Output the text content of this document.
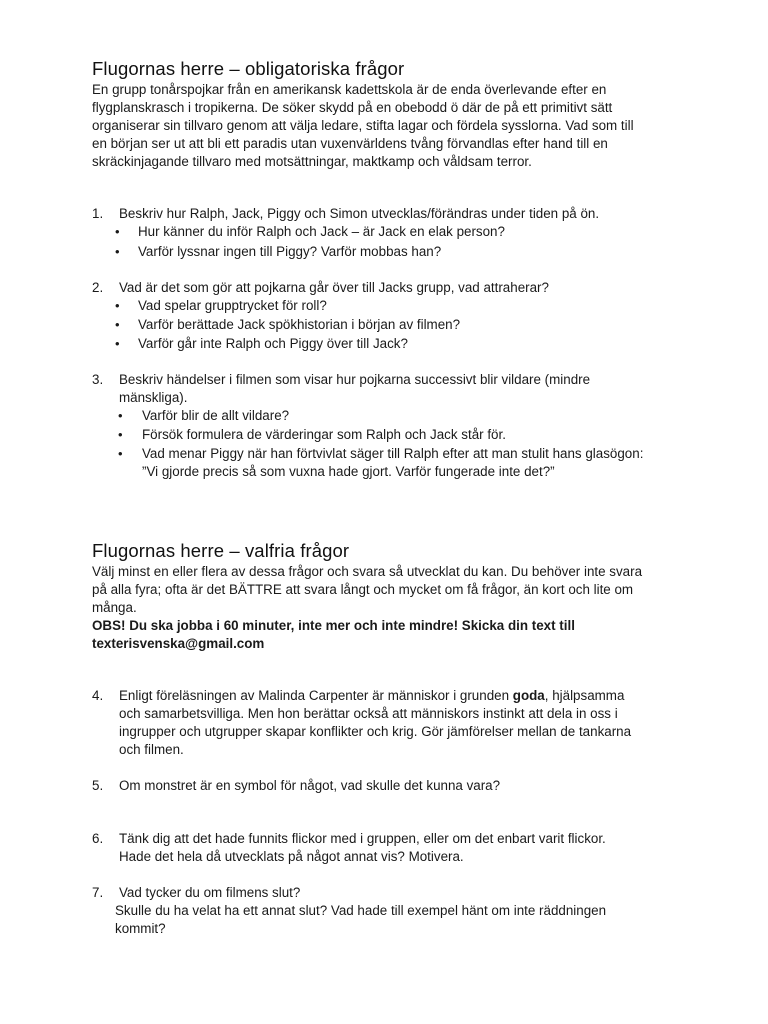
Flugornas herre – obligatoriska frågor
En grupp tonårspojkar från en amerikansk kadettskola är de enda överlevande efter en
flygplanskrasch i tropikerna. De söker skydd på en obebodd ö där de på ett primitivt sätt
organiserar sin tillvaro genom att välja ledare, stifta lagar och fördela sysslorna. Vad som till
en början ser ut att bli ett paradis utan vuxenvärldens tvång förvandlas efter hand till en
skräckinjagande tillvaro med motsättningar, maktkamp och våldsam terror.
1. Beskriv hur Ralph, Jack, Piggy och Simon utvecklas/förändras under tiden på ön.
• Hur känner du inför Ralph och Jack – är Jack en elak person?
• Varför lyssnar ingen till Piggy? Varför mobbas han?
2. Vad är det som gör att pojkarna går över till Jacks grupp, vad attraherar?
• Vad spelar grupptrycket för roll?
• Varför berättade Jack spökhistorian i början av filmen?
• Varför går inte Ralph och Piggy över till Jack?
3. Beskriv händelser i filmen som visar hur pojkarna successivt blir vildare (mindre
mänskliga).
• Varför blir de allt vildare?
• Försök formulera de värderingar som Ralph och Jack står för.
• Vad menar Piggy när han förtvivlat säger till Ralph efter att man stulit hans glasögon:
”Vi gjorde precis så som vuxna hade gjort. Varför fungerade inte det?”
Flugornas herre – valfria frågor
Välj minst en eller flera av dessa frågor och svara så utvecklat du kan. Du behöver inte svara
på alla fyra; ofta är det BÄTTRE att svara långt och mycket om få frågor, än kort och lite om
många.
OBS! Du ska jobba i 60 minuter, inte mer och inte mindre! Skicka din text till
texterisvenska@gmail.com
4. Enligt föreläsningen av Malinda Carpenter är människor i grunden goda, hjälpsamma
och samarbetsvilliga. Men hon berättar också att människors instinkt att dela in oss i
ingrupper och utgrupper skapar konflikter och krig. Gör jämförelser mellan de tankarna
och filmen.
5. Om monstret är en symbol för något, vad skulle det kunna vara?
6. Tänk dig att det hade funnits flickor med i gruppen, eller om det enbart varit flickor.
Hade det hela då utvecklats på något annat vis? Motivera.
7. Vad tycker du om filmens slut?
Skulle du ha velat ha ett annat slut? Vad hade till exempel hänt om inte räddningen
kommit?
